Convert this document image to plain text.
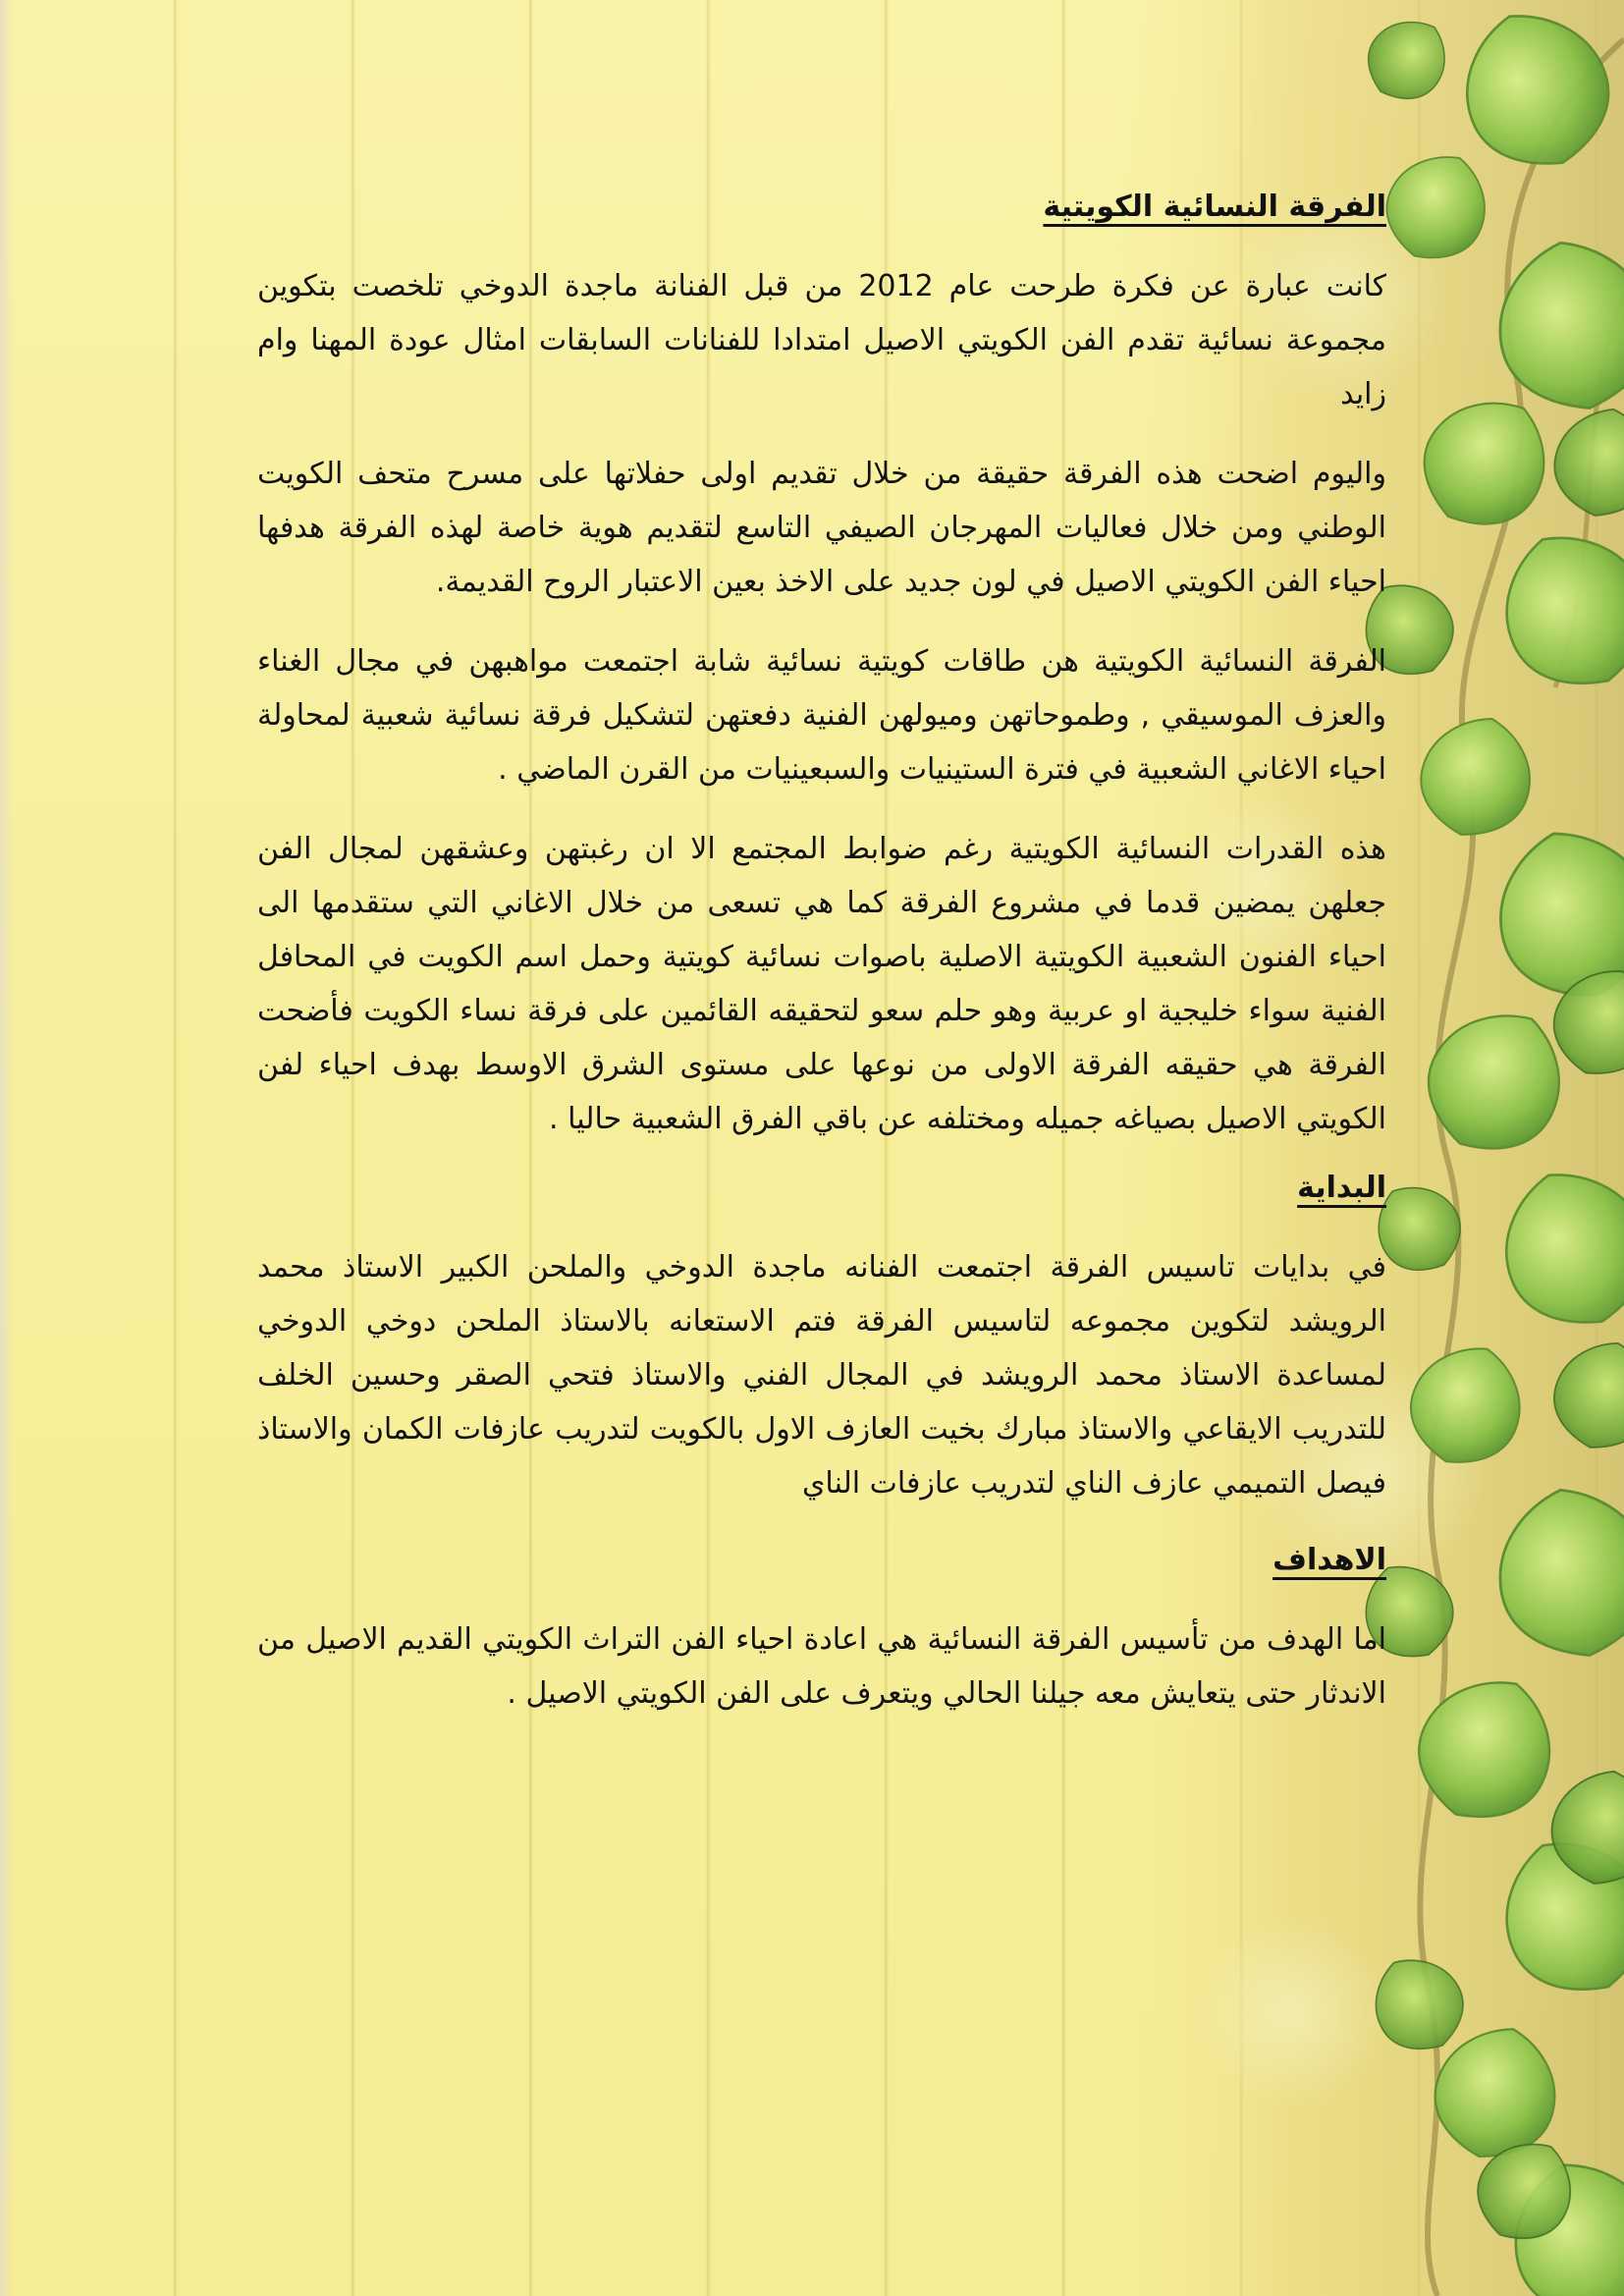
الفرقة النسائية الكويتية

كانت عبارة عن فكرة طرحت عام 2012 من قبل الفنانة ماجدة الدوخي تلخصت بتكوين مجموعة نسائية تقدم الفن الكويتي الاصيل امتدادا للفنانات السابقات امثال عودة المهنا وام زايد

واليوم اضحت هذه الفرقة حقيقة من خلال تقديم اولى حفلاتها على مسرح متحف الكويت الوطني ومن خلال فعاليات المهرجان الصيفي التاسع لتقديم هوية خاصة لهذه الفرقة هدفها احياء الفن الكويتي الاصيل في لون جديد على الاخذ بعين الاعتبار الروح القديمة.

الفرقة النسائية الكويتية هن طاقات كويتية نسائية شابة اجتمعت مواهبهن في مجال الغناء والعزف الموسيقي , وطموحاتهن وميولهن الفنية دفعتهن لتشكيل فرقة نسائية شعبية لمحاولة احياء الاغاني الشعبية في فترة الستينيات والسبعينيات من القرن الماضي .

هذه القدرات النسائية الكويتية رغم ضوابط المجتمع الا ان رغبتهن وعشقهن لمجال الفن جعلهن يمضين قدما في مشروع الفرقة كما هي تسعى من خلال الاغاني التي ستقدمها الى احياء الفنون الشعبية الكويتية الاصلية باصوات نسائية كويتية وحمل اسم الكويت في المحافل الفنية سواء خليجية او عربية وهو حلم سعو لتحقيقه القائمين على فرقة نساء الكويت فأضحت الفرقة هي حقيقه الفرقة الاولى من نوعها على مستوى الشرق الاوسط بهدف احياء لفن الكويتي الاصيل بصياغه جميله ومختلفه عن باقي الفرق الشعبية حاليا .

البداية

في بدايات تاسيس الفرقة اجتمعت الفنانه ماجدة الدوخي والملحن الكبير الاستاذ محمد الرويشد لتكوين مجموعه لتاسيس الفرقة فتم الاستعانه بالاستاذ الملحن دوخي الدوخي لمساعدة الاستاذ محمد الرويشد في المجال الفني والاستاذ فتحي الصقر وحسين الخلف للتدريب الايقاعي والاستاذ مبارك بخيت العازف الاول بالكويت لتدريب عازفات الكمان والاستاذ فيصل التميمي عازف الناي لتدريب عازفات الناي

الاهداف

اما الهدف من تأسيس الفرقة النسائية هي اعادة احياء الفن التراث الكويتي القديم الاصيل من الاندثار حتى يتعايش معه جيلنا الحالي ويتعرف على الفن الكويتي الاصيل .
